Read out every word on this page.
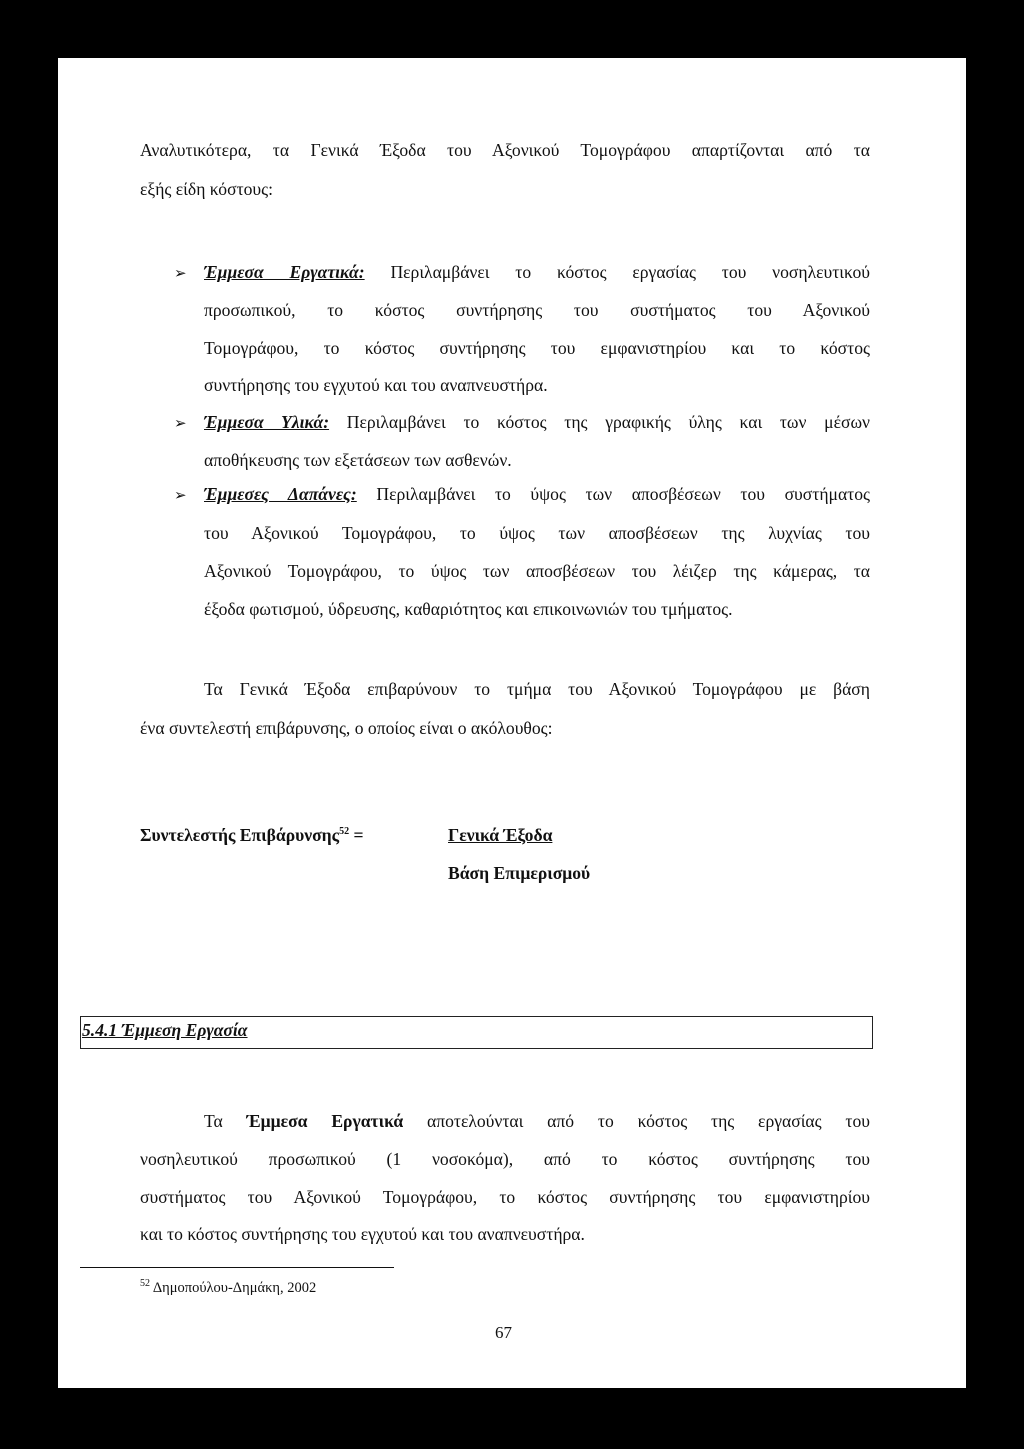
Αναλυτικότερα, τα Γενικά Έξοδα του Αξονικού Τομογράφου απαρτίζονται από τα
εξής είδη κόστους:
➢ Έμμεσα Εργατικά: Περιλαμβάνει το κόστος εργασίας του νοσηλευτικού
προσωπικού, το κόστος συντήρησης του συστήματος του Αξονικού
Τομογράφου, το κόστος συντήρησης του εμφανιστηρίου και το κόστος
συντήρησης του εγχυτού και του αναπνευστήρα.
➢ Έμμεσα Υλικά: Περιλαμβάνει το κόστος της γραφικής ύλης και των μέσων
αποθήκευσης των εξετάσεων των ασθενών.
➢ Έμμεσες Δαπάνες: Περιλαμβάνει το ύψος των αποσβέσεων του συστήματος
του Αξονικού Τομογράφου, το ύψος των αποσβέσεων της λυχνίας του
Αξονικού Τομογράφου, το ύψος των αποσβέσεων του λέιζερ της κάμερας, τα
έξοδα φωτισμού, ύδρευσης, καθαριότητος και επικοινωνιών του τμήματος.
Τα Γενικά Έξοδα επιβαρύνουν το τμήμα του Αξονικού Τομογράφου με βάση
ένα συντελεστή επιβάρυνσης, ο οποίος είναι ο ακόλουθος:
Συντελεστής Επιβάρυνσης$^{52}$ =	Γενικά Έξοδα
Βάση Επιμερισμού
5.4.1 Έμμεση Εργασία
Τα Έμμεσα Εργατικά αποτελούνται από το κόστος της εργασίας του
νοσηλευτικού προσωπικού (1 νοσοκόμα), από το κόστος συντήρησης του
συστήματος του Αξονικού Τομογράφου, το κόστος συντήρησης του εμφανιστηρίου
και το κόστος συντήρησης του εγχυτού και του αναπνευστήρα.
$^{52}$ Δημοπούλου-Δημάκη, 2002
67
